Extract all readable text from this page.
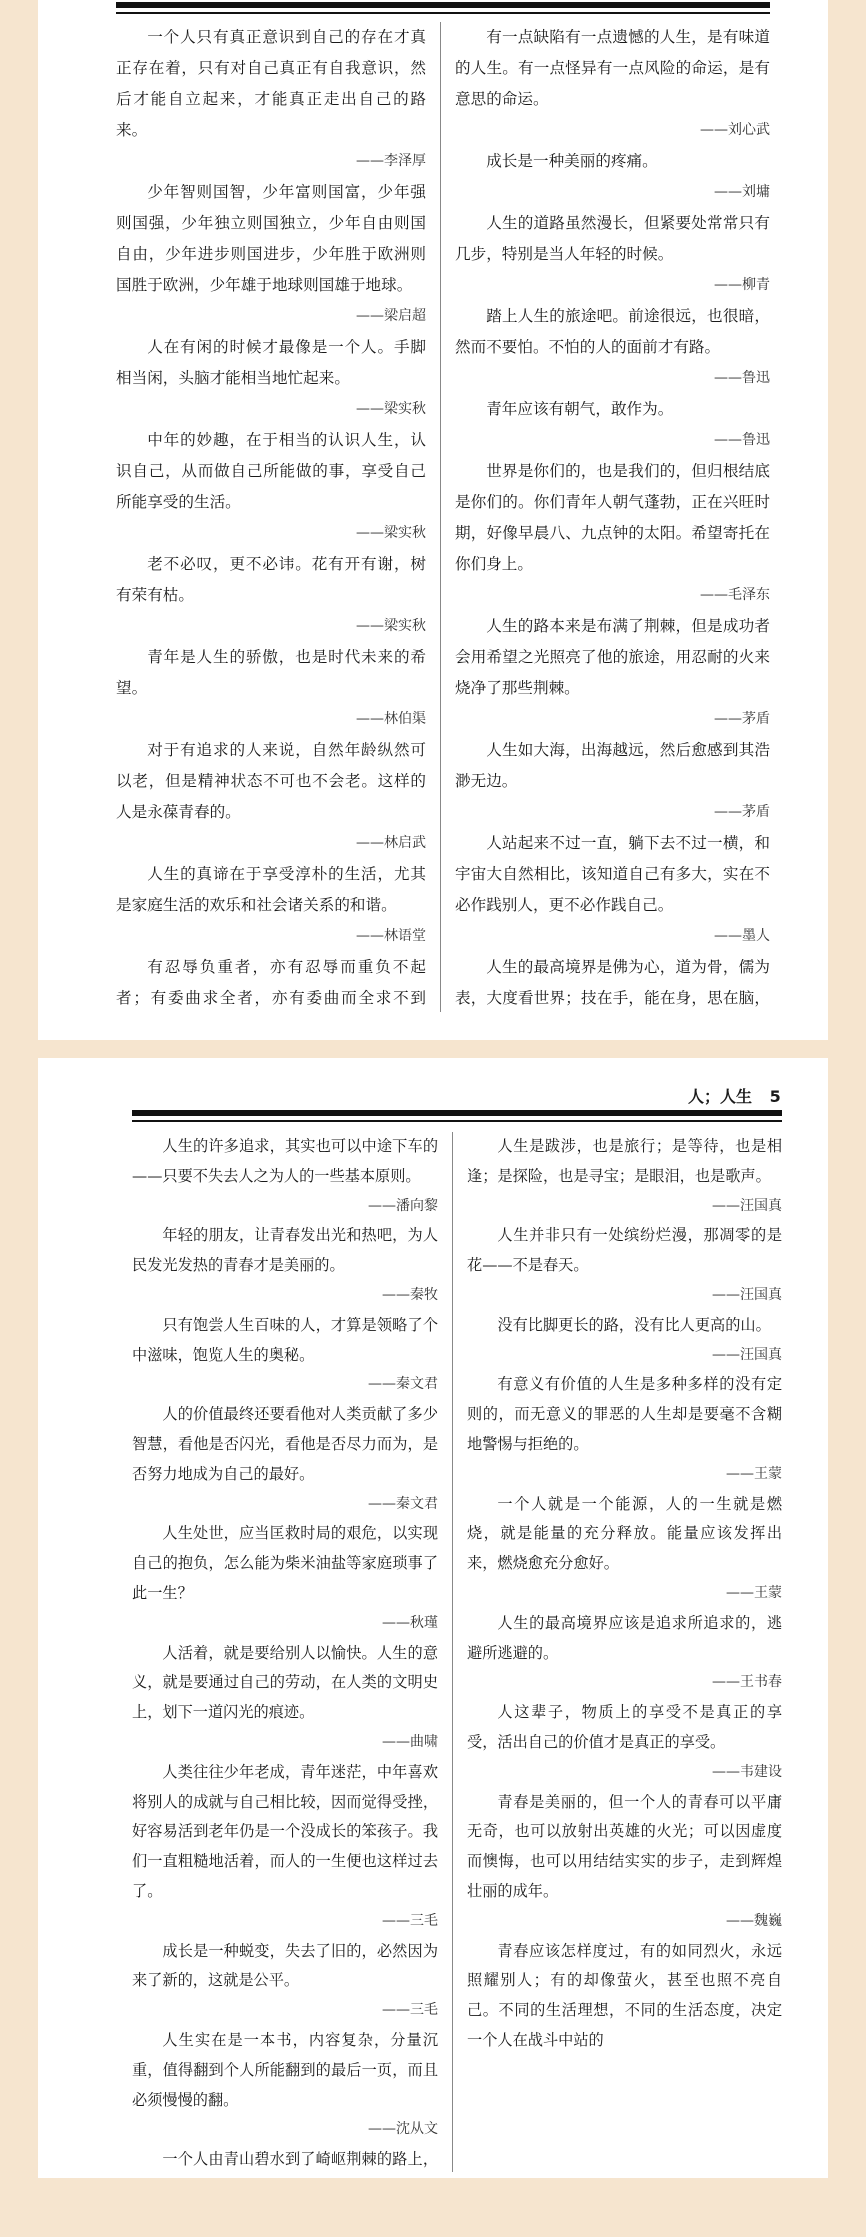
一个人只有真正意识到自己的存在才真正存在着，只有对自己真正有自我意识，然后才能自立起来，才能真正走出自己的路来。

——李泽厚

少年智则国智，少年富则国富，少年强则国强，少年独立则国独立，少年自由则国自由，少年进步则国进步，少年胜于欧洲则国胜于欧洲，少年雄于地球则国雄于地球。

——梁启超

人在有闲的时候才最像是一个人。手脚相当闲，头脑才能相当地忙起来。

——梁实秋

中年的妙趣，在于相当的认识人生，认识自己，从而做自己所能做的事，享受自己所能享受的生活。

——梁实秋

老不必叹，更不必讳。花有开有谢，树有荣有枯。

——梁实秋

青年是人生的骄傲，也是时代未来的希望。

——林伯渠

对于有追求的人来说，自然年龄纵然可以老，但是精神状态不可也不会老。这样的人是永葆青春的。

——林启武

人生的真谛在于享受淳朴的生活，尤其是家庭生活的欢乐和社会诸关系的和谐。

——林语堂

有忍辱负重者，亦有忍辱而重负不起者；有委曲求全者，亦有委曲而全求不到

有一点缺陷有一点遗憾的人生，是有味道的人生。有一点怪异有一点风险的命运，是有意思的命运。

——刘心武

成长是一种美丽的疼痛。

——刘墉

人生的道路虽然漫长，但紧要处常常只有几步，特别是当人年轻的时候。

——柳青

踏上人生的旅途吧。前途很远，也很暗，然而不要怕。不怕的人的面前才有路。

——鲁迅

青年应该有朝气，敢作为。

——鲁迅

世界是你们的，也是我们的，但归根结底是你们的。你们青年人朝气蓬勃，正在兴旺时期，好像早晨八、九点钟的太阳。希望寄托在你们身上。

——毛泽东

人生的路本来是布满了荆棘，但是成功者会用希望之光照亮了他的旅途，用忍耐的火来烧净了那些荆棘。

——茅盾

人生如大海，出海越远，然后愈感到其浩渺无边。

——茅盾

人站起来不过一直，躺下去不过一横，和宇宙大自然相比，该知道自己有多大，实在不必作践别人，更不必作践自己。

——墨人

人生的最高境界是佛为心，道为骨，儒为表，大度看世界；技在手，能在身，思在脑，

人；人生 5

人生的许多追求，其实也可以中途下车的——只要不失去人之为人的一些基本原则。

——潘向黎

年轻的朋友，让青春发出光和热吧，为人民发光发热的青春才是美丽的。

——秦牧

只有饱尝人生百味的人，才算是领略了个中滋味，饱览人生的奥秘。

——秦文君

人的价值最终还要看他对人类贡献了多少智慧，看他是否闪光，看他是否尽力而为，是否努力地成为自己的最好。

——秦文君

人生处世，应当匡救时局的艰危，以实现自己的抱负，怎么能为柴米油盐等家庭琐事了此一生？

——秋瑾

人活着，就是要给别人以愉快。人生的意义，就是要通过自己的劳动，在人类的文明史上，划下一道闪光的痕迹。

——曲啸

人类往往少年老成，青年迷茫，中年喜欢将别人的成就与自己相比较，因而觉得受挫，好容易活到老年仍是一个没成长的笨孩子。我们一直粗糙地活着，而人的一生便也这样过去了。

——三毛

成长是一种蜕变，失去了旧的，必然因为来了新的，这就是公平。

——三毛

人生实在是一本书，内容复杂，分量沉重，值得翻到个人所能翻到的最后一页，而且必须慢慢的翻。

——沈从文

一个人由青山碧水到了崎岖荆棘的路上，

人生是跋涉，也是旅行；是等待，也是相逢；是探险，也是寻宝；是眼泪，也是歌声。

——汪国真

人生并非只有一处缤纷烂漫，那凋零的是花——不是春天。

——汪国真

没有比脚更长的路，没有比人更高的山。

——汪国真

有意义有价值的人生是多种多样的没有定则的，而无意义的罪恶的人生却是要毫不含糊地警惕与拒绝的。

——王蒙

一个人就是一个能源，人的一生就是燃烧，就是能量的充分释放。能量应该发挥出来，燃烧愈充分愈好。

——王蒙

人生的最高境界应该是追求所追求的，逃避所逃避的。

——王书春

人这辈子，物质上的享受不是真正的享受，活出自己的价值才是真正的享受。

——韦建设

青春是美丽的，但一个人的青春可以平庸无奇，也可以放射出英雄的火光；可以因虚度而懊悔，也可以用结结实实的步子，走到辉煌壮丽的成年。

——魏巍

青春应该怎样度过，有的如同烈火，永远照耀别人；有的却像萤火，甚至也照不亮自己。不同的生活理想，不同的生活态度，决定一个人在战斗中站的
